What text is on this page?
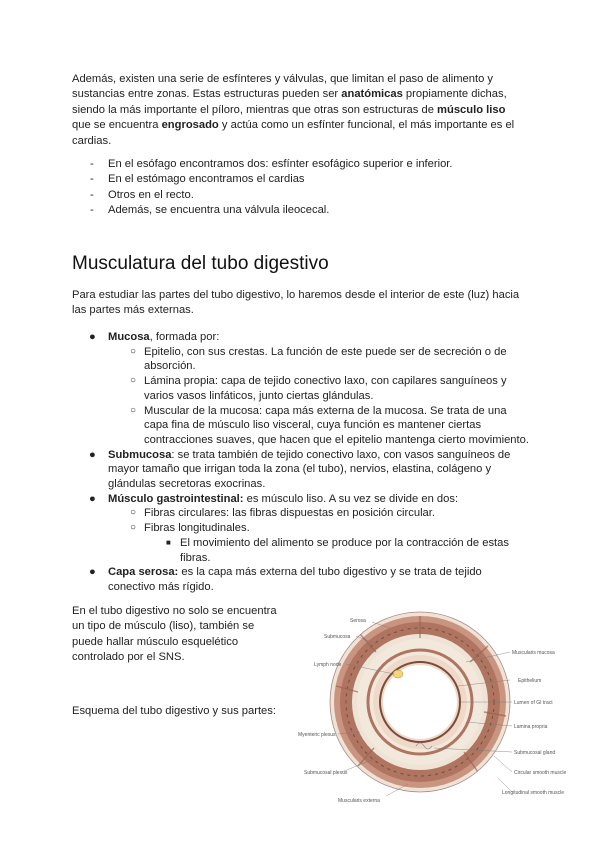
Además, existen una serie de esfínteres y válvulas, que limitan el paso de alimento y sustancias entre zonas. Estas estructuras pueden ser anatómicas propiamente dichas, siendo la más importante el píloro, mientras que otras son estructuras de músculo liso que se encuentra engrosado y actúa como un esfínter funcional, el más importante es el cardias.

- En el esófago encontramos dos: esfínter esofágico superior e inferior.
- En el estómago encontramos el cardias
- Otros en el recto.
- Además, se encuentra una válvula ileocecal.
Musculatura del tubo digestivo

Para estudiar las partes del tubo digestivo, lo haremos desde el interior de este (luz) hacia las partes más externas.

● Mucosa, formada por:
○ Epitelio, con sus crestas. La función de este puede ser de secreción o de absorción.
○ Lámina propia: capa de tejido conectivo laxo, con capilares sanguíneos y varios vasos linfáticos, junto ciertas glándulas.
○ Muscular de la mucosa: capa más externa de la mucosa. Se trata de una capa fina de músculo liso visceral, cuya función es mantener ciertas contracciones suaves, que hacen que el epitelio mantenga cierto movimiento.
● Submucosa: se trata también de tejido conectivo laxo, con vasos sanguíneos de mayor tamaño que irrigan toda la zona (el tubo), nervios, elastina, colágeno y glándulas secretoras exocrinas.
● Músculo gastrointestinal: es músculo liso. A su vez se divide en dos:
○ Fibras circulares: las fibras dispuestas en posición circular.
○ Fibras longitudinales.
■ El movimiento del alimento se produce por la contracción de estas fibras.
● Capa serosa: es la capa más externa del tubo digestivo y se trata de tejido conectivo más rígido.

En el tubo digestivo no solo se encuentra un tipo de músculo (liso), también se puede hallar músculo esquelético controlado por el SNS.

Esquema del tubo digestivo y sus partes:

Serosa
Submucosa
Lymph node
Myenteric plexus
Submucosal plexus
Muscularis externa
Muscularis mucosa
Epithelium
Lumen of GI tract
Lamina propria
Submucosal gland
Circular smooth muscle
Longitudinal smooth muscle
